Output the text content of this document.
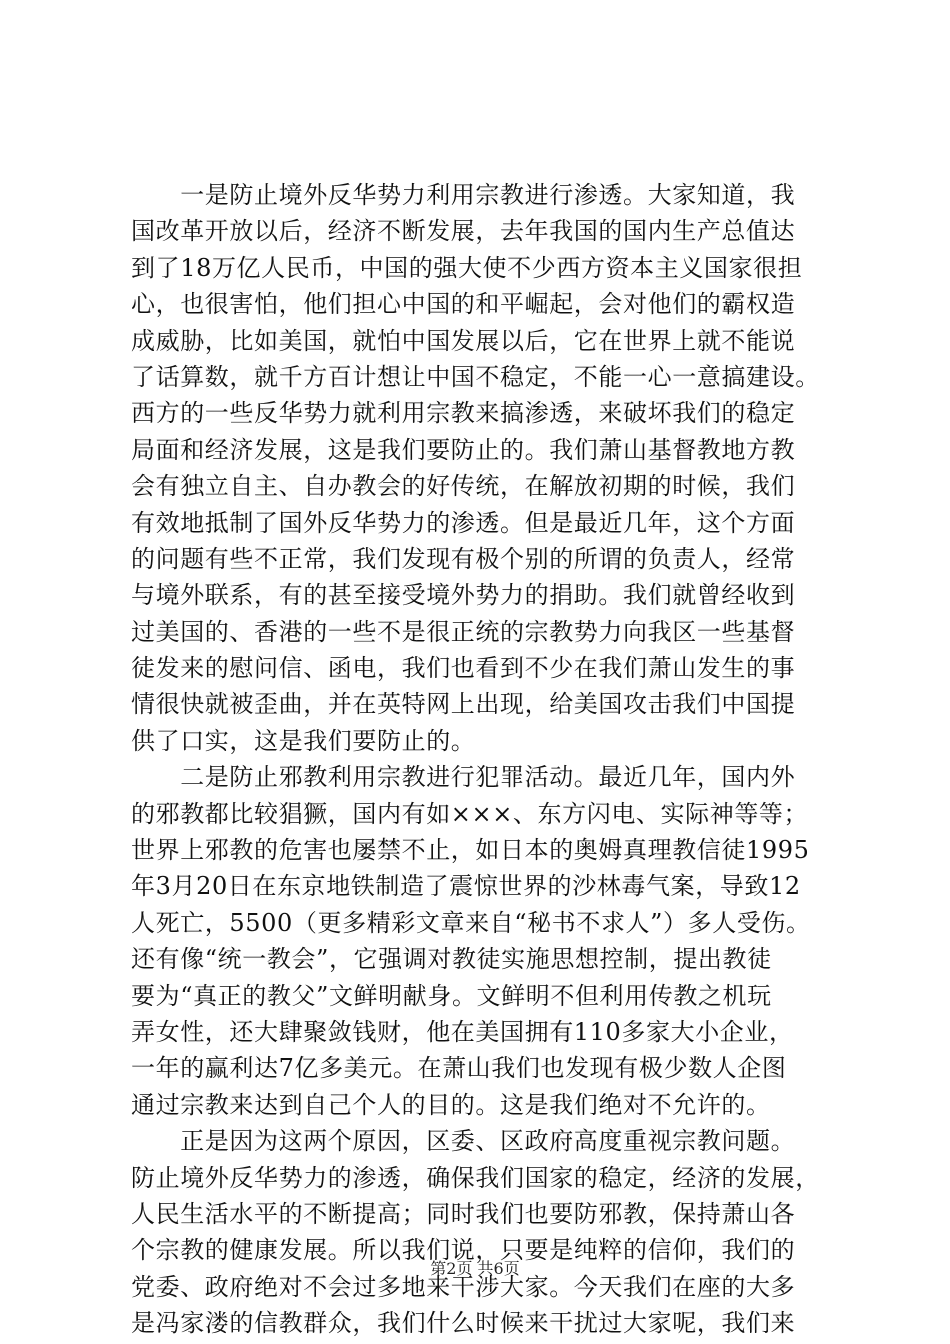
　　一是防止境外反华势力利用宗教进行渗透。大家知道，我
国改革开放以后，经济不断发展，去年我国的国内生产总值达
到了18万亿人民币，中国的强大使不少西方资本主义国家很担
心，也很害怕，他们担心中国的和平崛起，会对他们的霸权造
成威胁，比如美国，就怕中国发展以后，它在世界上就不能说
了话算数，就千方百计想让中国不稳定，不能一心一意搞建设。
西方的一些反华势力就利用宗教来搞渗透，来破坏我们的稳定
局面和经济发展，这是我们要防止的。我们萧山基督教地方教
会有独立自主、自办教会的好传统，在解放初期的时候，我们
有效地抵制了国外反华势力的渗透。但是最近几年，这个方面
的问题有些不正常，我们发现有极个别的所谓的负责人，经常
与境外联系，有的甚至接受境外势力的捐助。我们就曾经收到
过美国的、香港的一些不是很正统的宗教势力向我区一些基督
徒发来的慰问信、函电，我们也看到不少在我们萧山发生的事
情很快就被歪曲，并在英特网上出现，给美国攻击我们中国提
供了口实，这是我们要防止的。
　　二是防止邪教利用宗教进行犯罪活动。最近几年，国内外
的邪教都比较猖獗，国内有如×××、东方闪电、实际神等等；
世界上邪教的危害也屡禁不止，如日本的奥姆真理教信徒1995
年3月20日在东京地铁制造了震惊世界的沙林毒气案，导致12
人死亡，5500（更多精彩文章来自“秘书不求人”）多人受伤。
还有像“统一教会”，它强调对教徒实施思想控制，提出教徒
要为“真正的教父”文鲜明献身。文鲜明不但利用传教之机玩
弄女性，还大肆聚敛钱财，他在美国拥有110多家大小企业，
一年的赢利达7亿多美元。在萧山我们也发现有极少数人企图
通过宗教来达到自己个人的目的。这是我们绝对不允许的。
　　正是因为这两个原因，区委、区政府高度重视宗教问题。
防止境外反华势力的渗透，确保我们国家的稳定，经济的发展，
人民生活水平的不断提高；同时我们也要防邪教，保持萧山各
个宗教的健康发展。所以我们说，只要是纯粹的信仰，我们的
党委、政府绝对不会过多地来干涉大家。今天我们在座的大多
是冯家溇的信教群众，我们什么时候来干扰过大家呢，我们来
第2页 共6页
